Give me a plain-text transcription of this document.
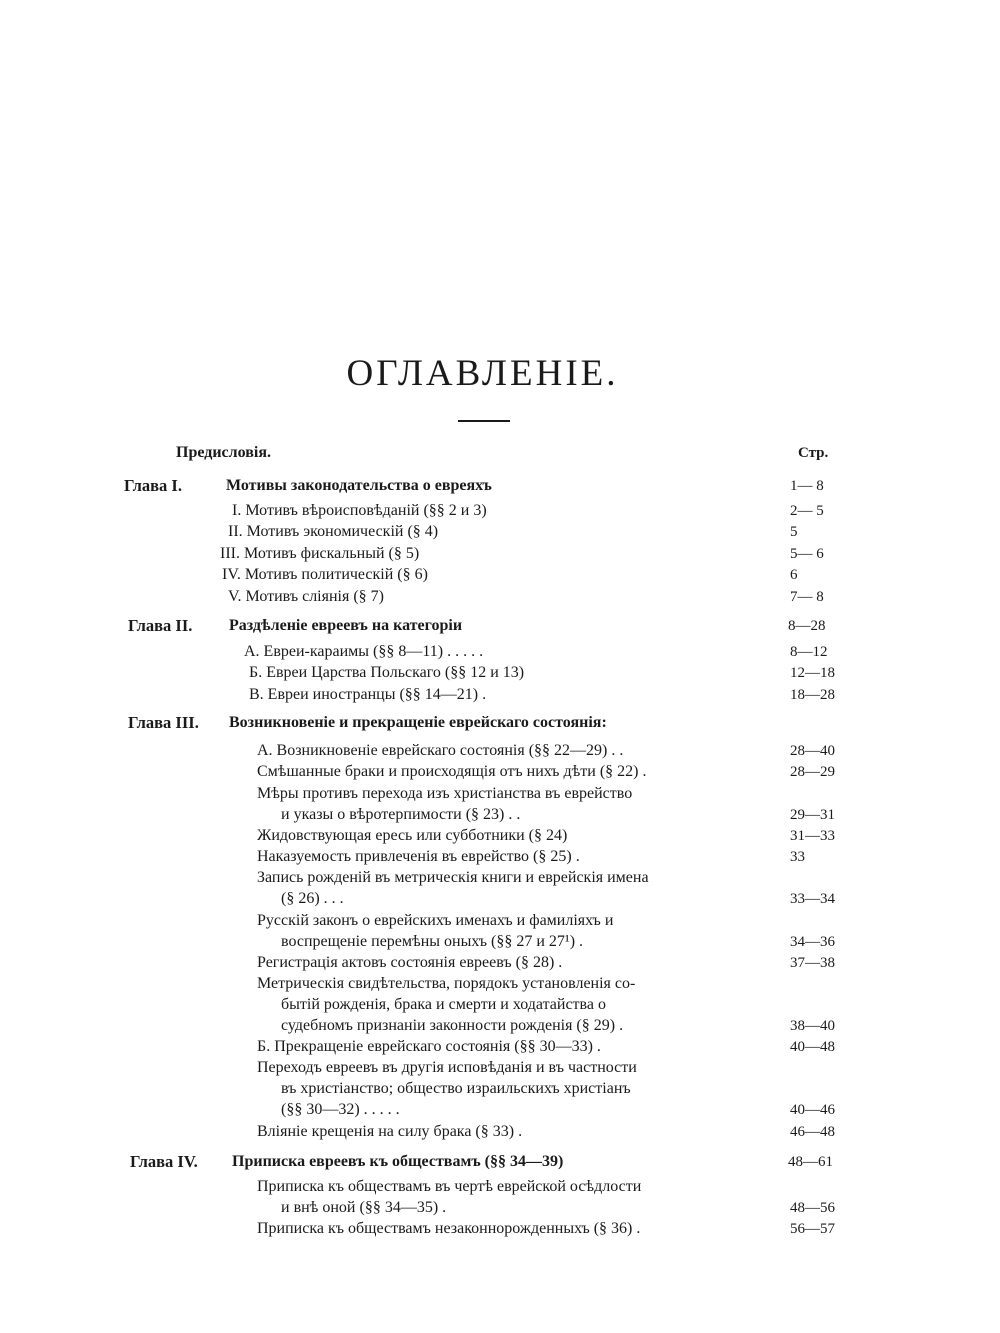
ОГЛАВЛЕНІЕ.
Предисловія.	Стр.
Глава I.	Мотивы законодательства о евреяхъ	1— 8
I. Мотивъ вѣроисповѣданій (§§ 2 и 3)	2— 5
II. Мотивъ экономическій (§ 4)	5
III. Мотивъ фискальный (§ 5)	5— 6
IV. Мотивъ политическій (§ 6)	6
V. Мотивъ слiянія (§ 7)	7— 8
Глава II. Раздѣленіе евреевъ на категоріи	8—28
A. Евреи-караимы (§§ 8—11) . . . . .	8—12
Б. Евреи Царства Польскаго (§§ 12 и 13)	12—18
В. Евреи иностранцы (§§ 14—21) .	18—28
Глава III. Возникновеніе и прекращеніе еврейскаго состоянія:
A. Возникновеніе еврейскаго состоянія (§§ 22—29) . .	28—40
Смѣшанные браки и происходящія отъ нихъ дѣти (§ 22) .	28—29
Мѣры противъ перехода изъ христіанства въ еврейство
и указы о вѣротерпимости (§ 23) . .	29—31
Жидовствующая ересь или субботники (§ 24)	31—33
Наказуемость привлеченія въ еврейство (§ 25) .	33
Запись рожденій въ метрическія книги и еврейскія имена
(§ 26) . . .	33—34
Русскій законъ о еврейскихъ именахъ и фамиліяхъ и
воспрещеніе перемѣны оныхъ (§§ 27 и 27¹) .	34—36
Регистрація актовъ состоянія евреевъ (§ 28) .	37—38
Метрическія свидѣтельства, порядокъ установленія со-
бытій рожденія, брака и смерти и ходатайства о
судебномъ признаніи законности рожденія (§ 29) .	38—40
Б. Прекращеніе еврейскаго состоянія (§§ 30—33) .	40—48
Переходъ евреевъ въ другія исповѣданія и въ частности
въ христіанство; общество израильскихъ христіанъ
(§§ 30—32) . . . . .	40—46
Вліяніе крещенія на силу брака (§ 33) .	46—48
Глава IV. Приписка евреевъ къ обществамъ (§§ 34—39)	48—61
Приписка къ обществамъ въ чертѣ еврейской осѣдлости
и внѣ оной (§§ 34—35) .	48—56
Приписка къ обществамъ незаконнорожденныхъ (§ 36) .	56—57
